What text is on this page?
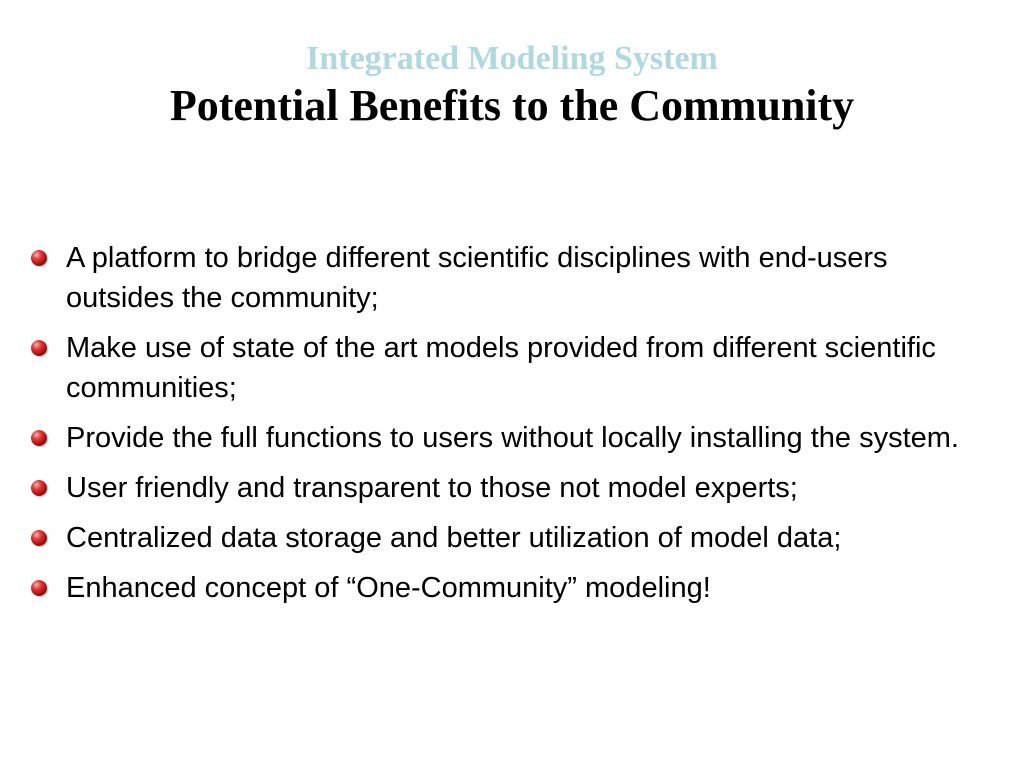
Integrated Modeling System
Potential Benefits to the Community
A platform to bridge different scientific disciplines with end-users outsides the community;
Make use of state of the art models provided from different scientific communities;
Provide the full functions to users without locally installing the system.
User friendly and transparent to those not model experts;
Centralized data storage and better utilization of model data;
Enhanced concept of “One-Community” modeling!
